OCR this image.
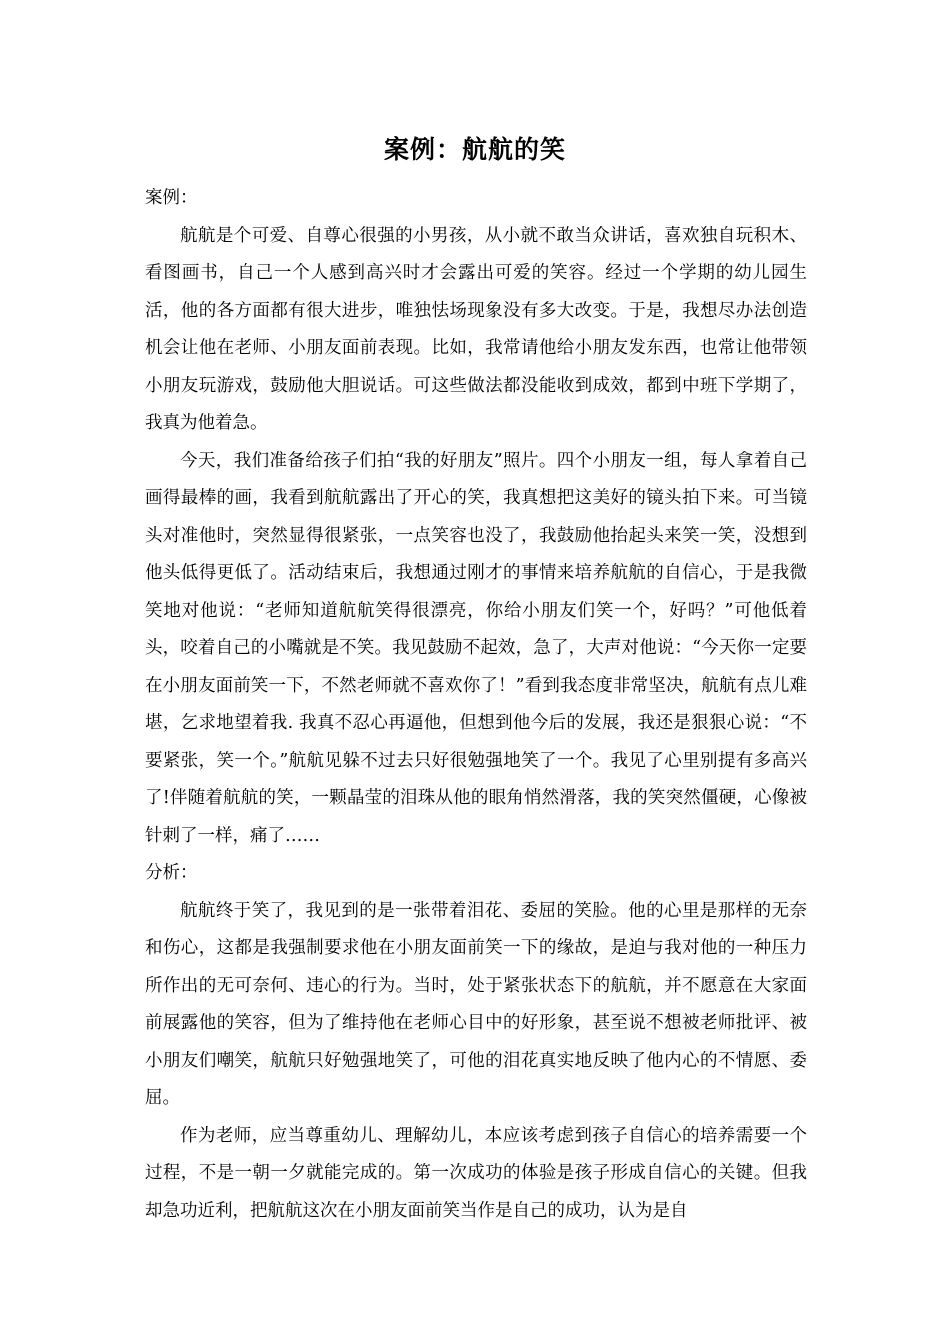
案例：航航的笑

案例：

航航是个可爱、自尊心很强的小男孩，从小就不敢当众讲话，喜欢独自玩积木、看图画书，自己一个人感到高兴时才会露出可爱的笑容。经过一个学期的幼儿园生活，他的各方面都有很大进步，唯独怯场现象没有多大改变。于是，我想尽办法创造机会让他在老师、小朋友面前表现。比如，我常请他给小朋友发东西，也常让他带领小朋友玩游戏，鼓励他大胆说话。可这些做法都没能收到成效，都到中班下学期了，我真为他着急。

今天，我们准备给孩子们拍“我的好朋友”照片。四个小朋友一组，每人拿着自己画得最棒的画，我看到航航露出了开心的笑，我真想把这美好的镜头拍下来。可当镜头对准他时，突然显得很紧张，一点笑容也没了，我鼓励他抬起头来笑一笑，没想到他头低得更低了。活动结束后，我想通过刚才的事情来培养航航的自信心，于是我微笑地对他说：“老师知道航航笑得很漂亮，你给小朋友们笑一个，好吗？”可他低着头，咬着自己的小嘴就是不笑。我见鼓励不起效，急了，大声对他说：“今天你一定要在小朋友面前笑一下，不然老师就不喜欢你了！”看到我态度非常坚决，航航有点儿难堪，乞求地望着我. 我真不忍心再逼他，但想到他今后的发展，我还是狠狠心说：“不要紧张，笑一个。”航航见躲不过去只好很勉强地笑了一个。我见了心里别提有多高兴了!伴随着航航的笑，一颗晶莹的泪珠从他的眼角悄然滑落，我的笑突然僵硬，心像被针刺了一样，痛了……

分析：

航航终于笑了，我见到的是一张带着泪花、委屈的笑脸。他的心里是那样的无奈和伤心，这都是我强制要求他在小朋友面前笑一下的缘故，是迫与我对他的一种压力所作出的无可奈何、违心的行为。当时，处于紧张状态下的航航，并不愿意在大家面前展露他的笑容，但为了维持他在老师心目中的好形象，甚至说不想被老师批评、被小朋友们嘲笑，航航只好勉强地笑了，可他的泪花真实地反映了他内心的不情愿、委屈。

作为老师，应当尊重幼儿、理解幼儿，本应该考虑到孩子自信心的培养需要一个过程，不是一朝一夕就能完成的。第一次成功的体验是孩子形成自信心的关键。但我却急功近利，把航航这次在小朋友面前笑当作是自己的成功，认为是自
